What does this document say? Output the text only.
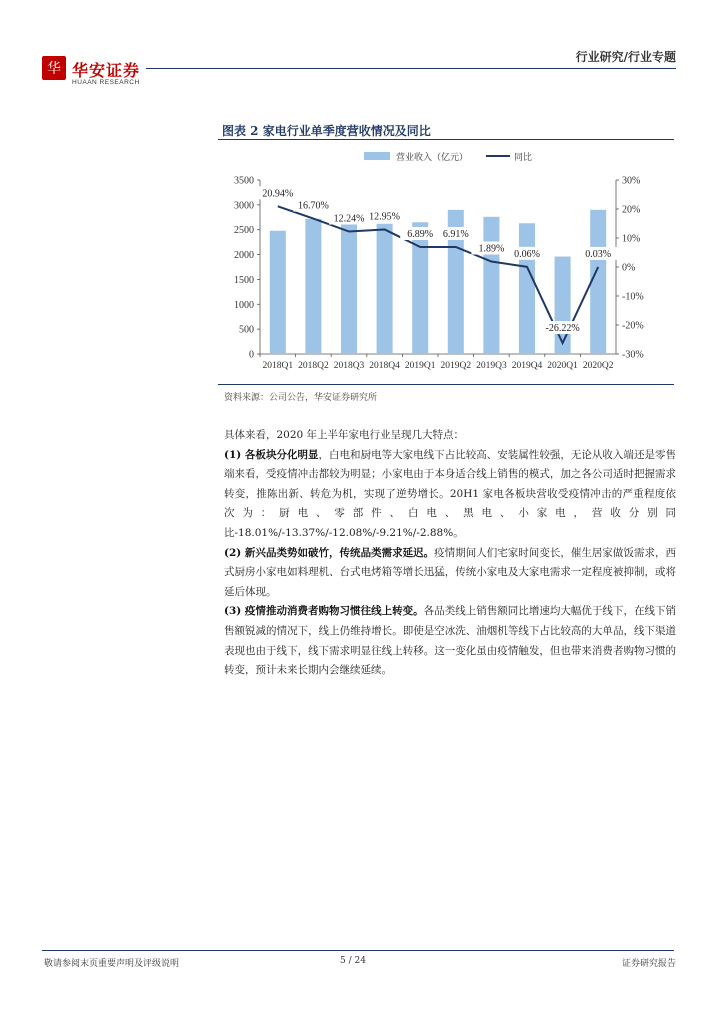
华 华安证券
HUAAN RESEARCH
行业研究/行业专题
图表 2 家电行业单季度营收情况及同比
营业收入（亿元）	同比
0
500
1000
1500
2000
2500
3000
3500
-30%
-20%
-10%
0%
10%
20%
30%
2018Q1 2018Q2 2018Q3 2018Q4 2019Q1 2019Q2 2019Q3 2019Q4 2020Q1 2020Q2
20.94%
16.70%
12.24% 12.95%
6.89% 6.91%
1.89% 0.06%
-26.22%
0.03%
资料来源：公司公告，华安证券研究所

具体来看，2020 年上半年家电行业呈现几大特点：

(1) 各板块分化明显，白电和厨电等大家电线下占比较高、安装属性较强，无论从收入端还是零售端来看，受疫情冲击都较为明显；小家电由于本身适合线上销售的模式，加之各公司适时把握需求转变，推陈出新、转危为机，实现了逆势增长。20H1 家电各板块营收受疫情冲击的严重程度依次为：厨电、零部件、白电、黑电、小家电，营收分别同比-18.01%/-13.37%/-12.08%/-9.21%/-2.88%。

(2) 新兴品类势如破竹，传统品类需求延迟。疫情期间人们宅家时间变长，催生居家做饭需求，西式厨房小家电如料理机、台式电烤箱等增长迅猛，传统小家电及大家电需求一定程度被抑制，或将延后体现。

(3) 疫情推动消费者购物习惯往线上转变。各品类线上销售额同比增速均大幅优于线下，在线下销售额锐减的情况下，线上仍维持增长。即使是空冰洗、油烟机等线下占比较高的大单品，线下渠道表现也由于线下，线下需求明显往线上转移。这一变化虽由疫情触发，但也带来消费者购物习惯的转变，预计未来长期内会继续延续。

敬请参阅末页重要声明及评级说明	5 / 24	证券研究报告
